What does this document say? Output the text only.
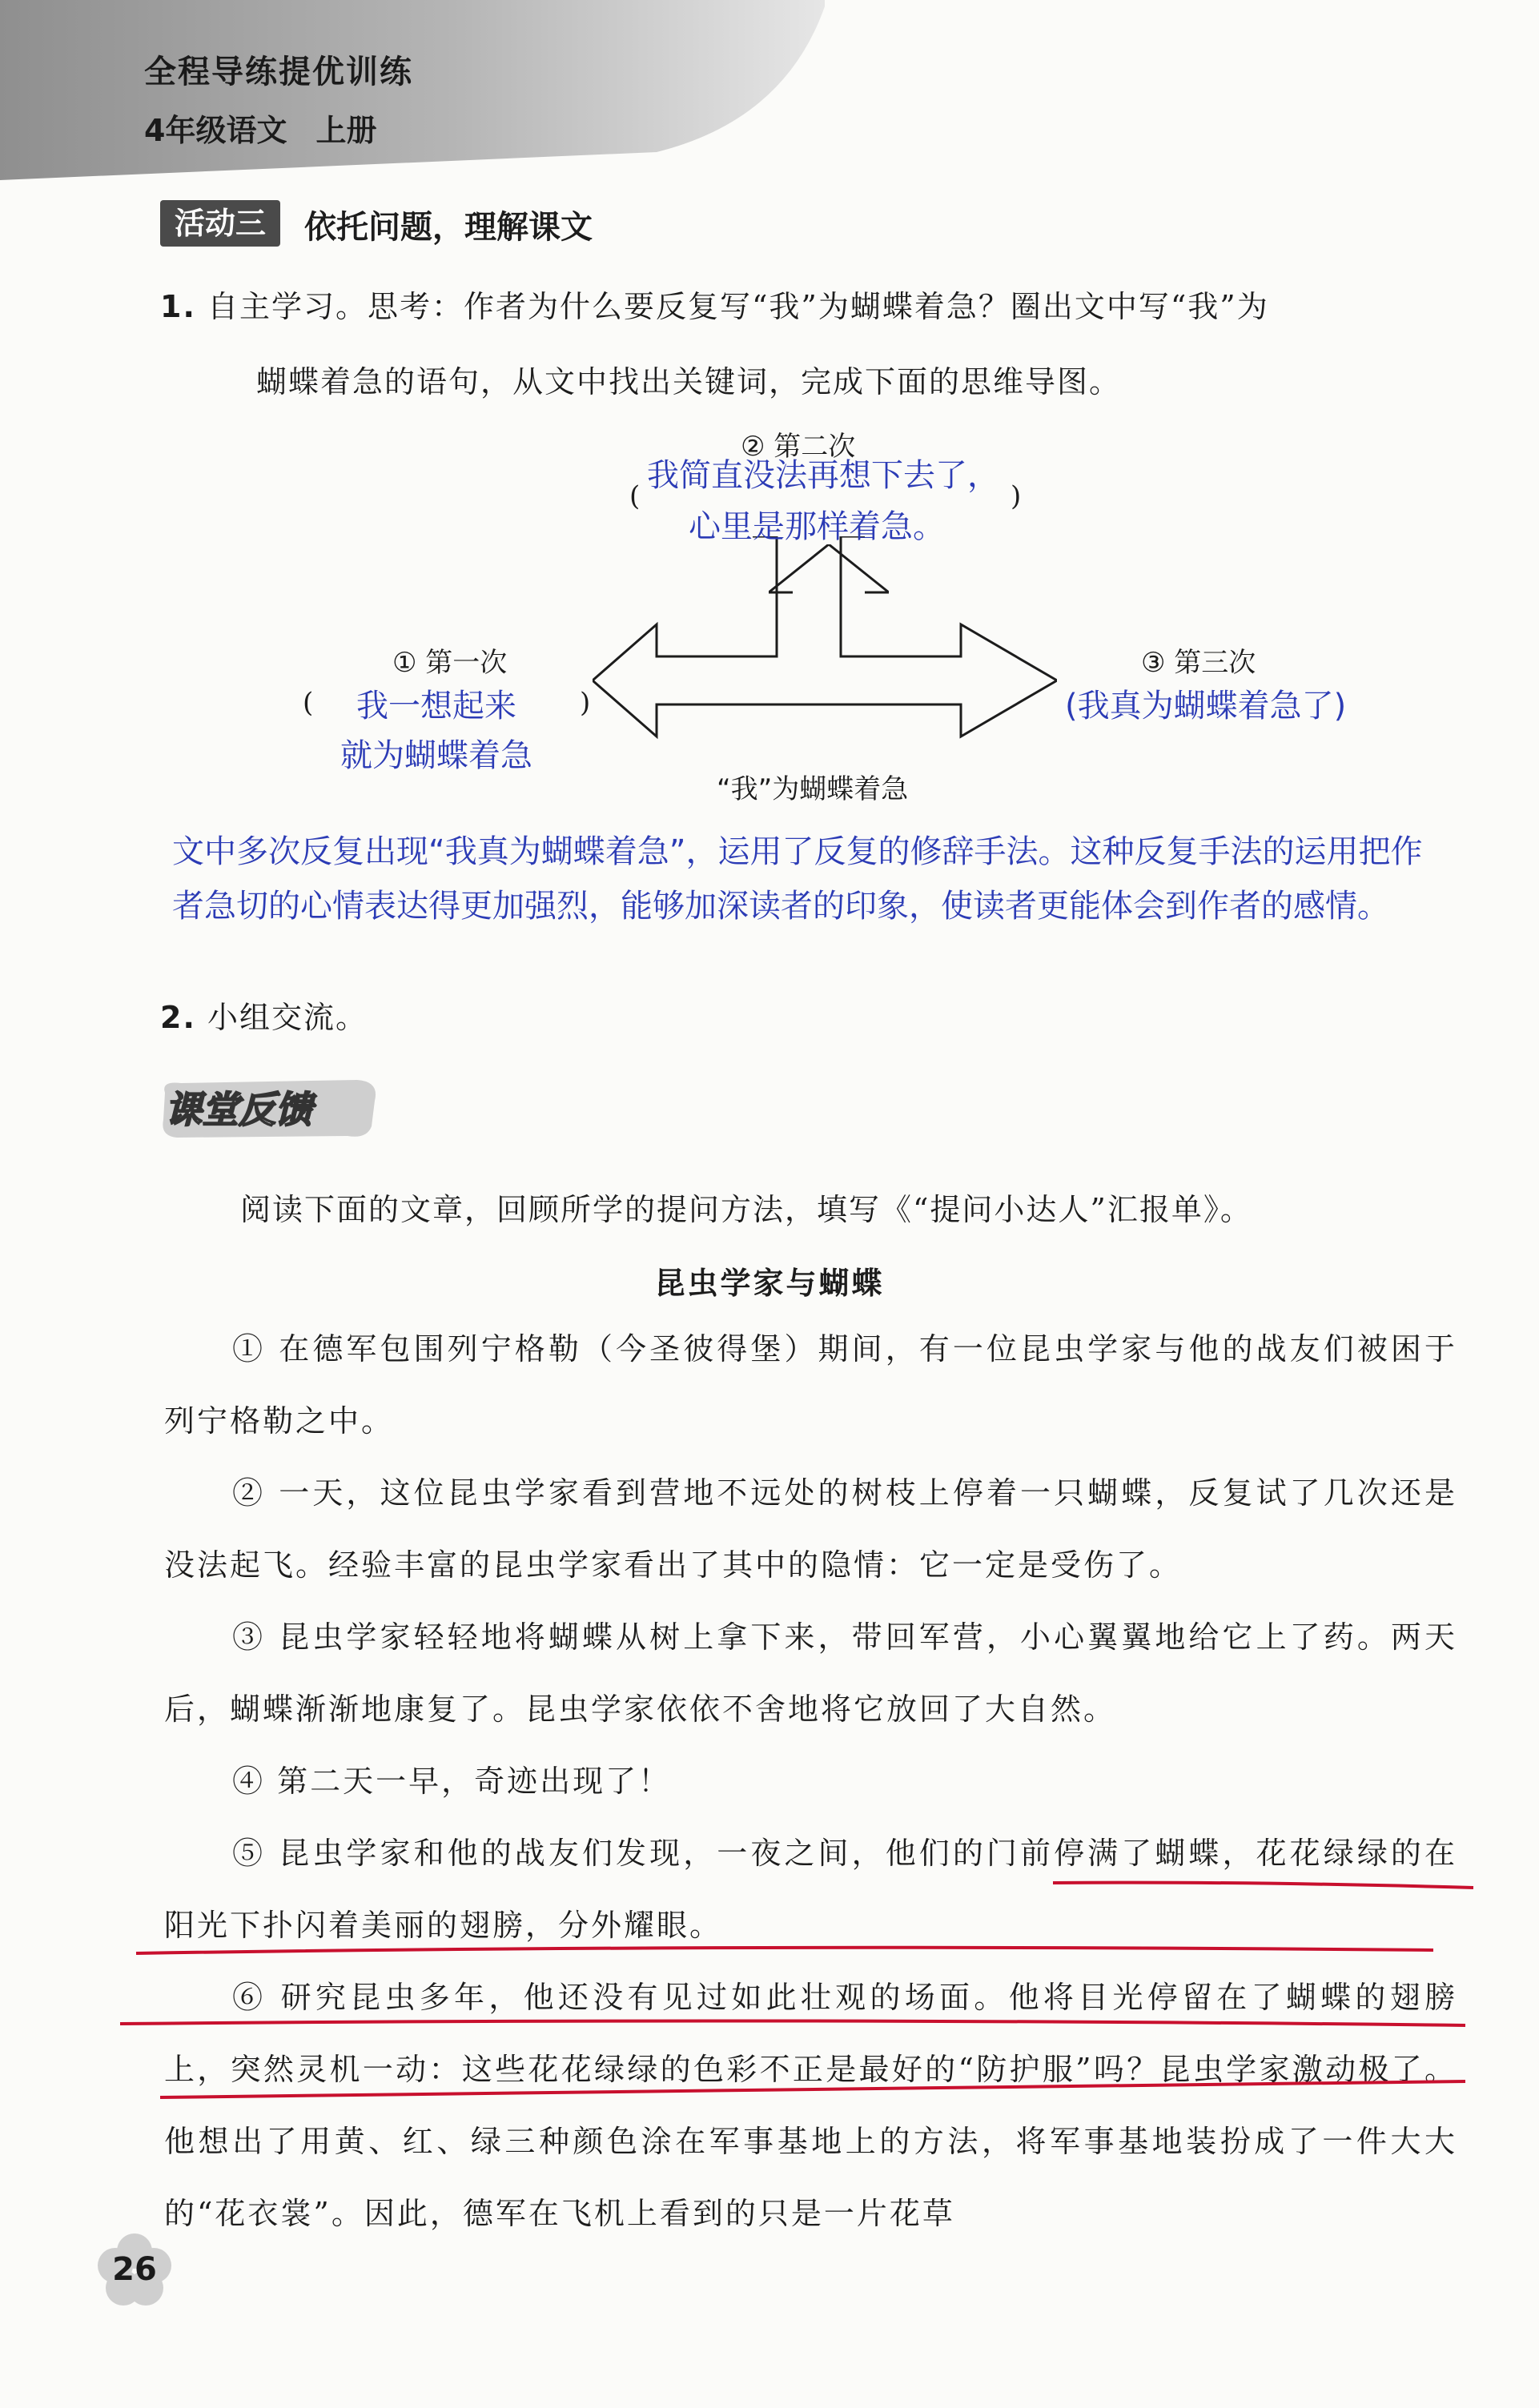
全程导练提优训练
4年级语文 上册
活动三	依托问题，理解课文
1. 自主学习。思考：作者为什么要反复写“我”为蝴蝶着急？圈出文中写“我”为
蝴蝶着急的语句，从文中找出关键词，完成下面的思维导图。
② 第二次
(
我简直没法再想下去了，
心里是那样着急。
)
① 第一次
( 我一想起来
就为蝴蝶着急
)
③ 第三次
(我真为蝴蝶着急了)
“我”为蝴蝶着急
文中多次反复出现“我真为蝴蝶着急”，运用了反复的修辞手法。这种反复手法的运用把作者急切的心情表达得更加强烈，能够加深读者的印象，使读者更能体会到作者的感情。
2. 小组交流。
课堂反馈
阅读下面的文章，回顾所学的提问方法，填写《“提问小达人”汇报单》。
昆虫学家与蝴蝶
① 在德军包围列宁格勒（今圣彼得堡）期间，有一位昆虫学家与他的战友们被困于列宁格勒之中。
② 一天，这位昆虫学家看到营地不远处的树枝上停着一只蝴蝶，反复试了几次还是没法起飞。经验丰富的昆虫学家看出了其中的隐情：它一定是受伤了。
③ 昆虫学家轻轻地将蝴蝶从树上拿下来，带回军营，小心翼翼地给它上了药。两天后，蝴蝶渐渐地康复了。昆虫学家依依不舍地将它放回了大自然。
④ 第二天一早，奇迹出现了！
⑤ 昆虫学家和他的战友们发现，一夜之间，他们的门前停满了蝴蝶，花花绿绿的在阳光下扑闪着美丽的翅膀，分外耀眼。
⑥ 研究昆虫多年，他还没有见过如此壮观的场面。他将目光停留在了蝴蝶的翅膀上，突然灵机一动：这些花花绿绿的色彩不正是最好的“防护服”吗？昆虫学家激动极了。他想出了用黄、红、绿三种颜色涂在军事基地上的方法，将军事基地装扮成了一件大大的“花衣裳”。因此，德军在飞机上看到的只是一片花草
26
